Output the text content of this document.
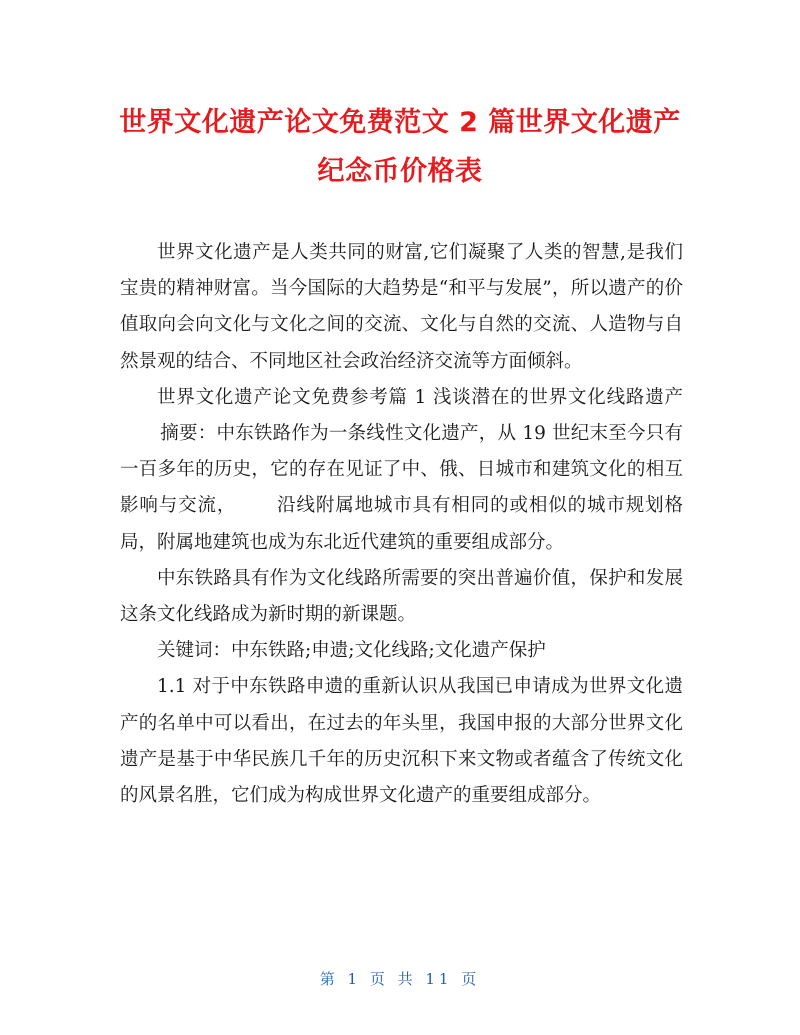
世界文化遗产论文免费范文 2 篇世界文化遗产
纪念币价格表

世界文化遗产是人类共同的财富,它们凝聚了人类的智慧,是我们宝贵的精神财富。当今国际的大趋势是“和平与发展”，所以遗产的价值取向会向文化与文化之间的交流、文化与自然的交流、人造物与自然景观的结合、不同地区社会政治经济交流等方面倾斜。

世界文化遗产论文免费参考篇 1 浅谈潜在的世界文化线路遗产摘要：中东铁路作为一条线性文化遗产，从 19 世纪末至今只有一百多年的历史，它的存在见证了中、俄、日城市和建筑文化的相互影响与交流， 沿线附属地城市具有相同的或相似的城市规划格局，附属地建筑也成为东北近代建筑的重要组成部分。

中东铁路具有作为文化线路所需要的突出普遍价值，保护和发展这条文化线路成为新时期的新课题。

关键词：中东铁路;申遗;文化线路;文化遗产保护

1.1 对于中东铁路申遗的重新认识从我国已申请成为世界文化遗产的名单中可以看出，在过去的年头里，我国申报的大部分世界文化遗产是基于中华民族几千年的历史沉积下来文物或者蕴含了传统文化的风景名胜，它们成为构成世界文化遗产的重要组成部分。

第 1 页 共 11 页
